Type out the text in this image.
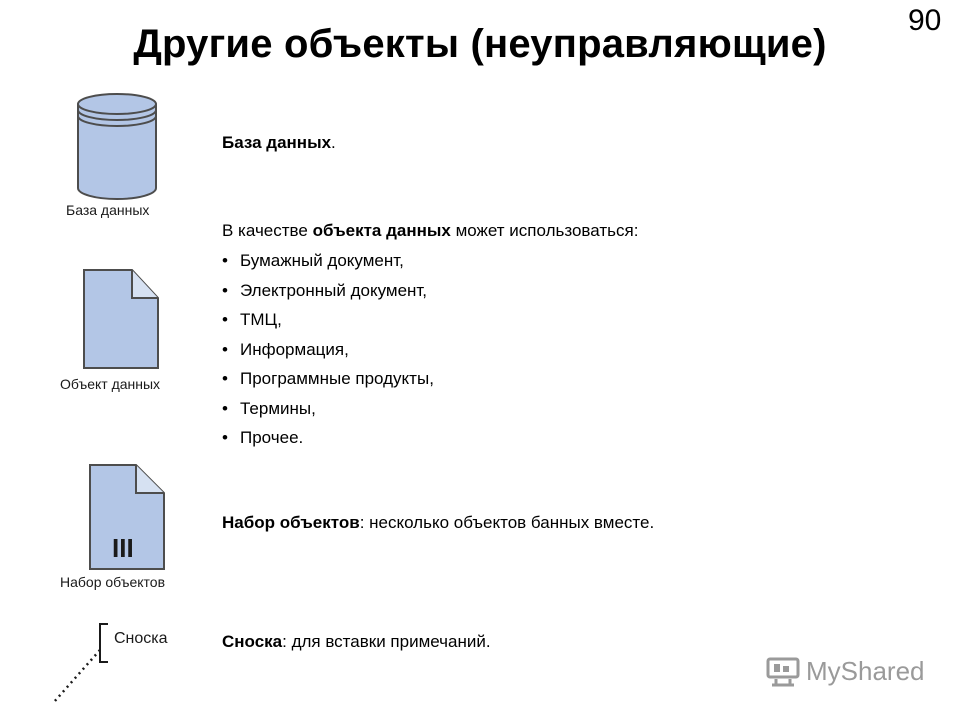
90
Другие объекты (неуправляющие)
База данных
Объект данных
III
Набор объектов
Сноска
База данных.
В качестве объекта данных может использоваться:
• Бумажный документ,
• Электронный документ,
• ТМЦ,
• Информация,
• Программные продукты,
• Термины,
• Прочее.
Набор объектов: несколько объектов банных вместе.
Сноска: для вставки примечаний.
MyShared
